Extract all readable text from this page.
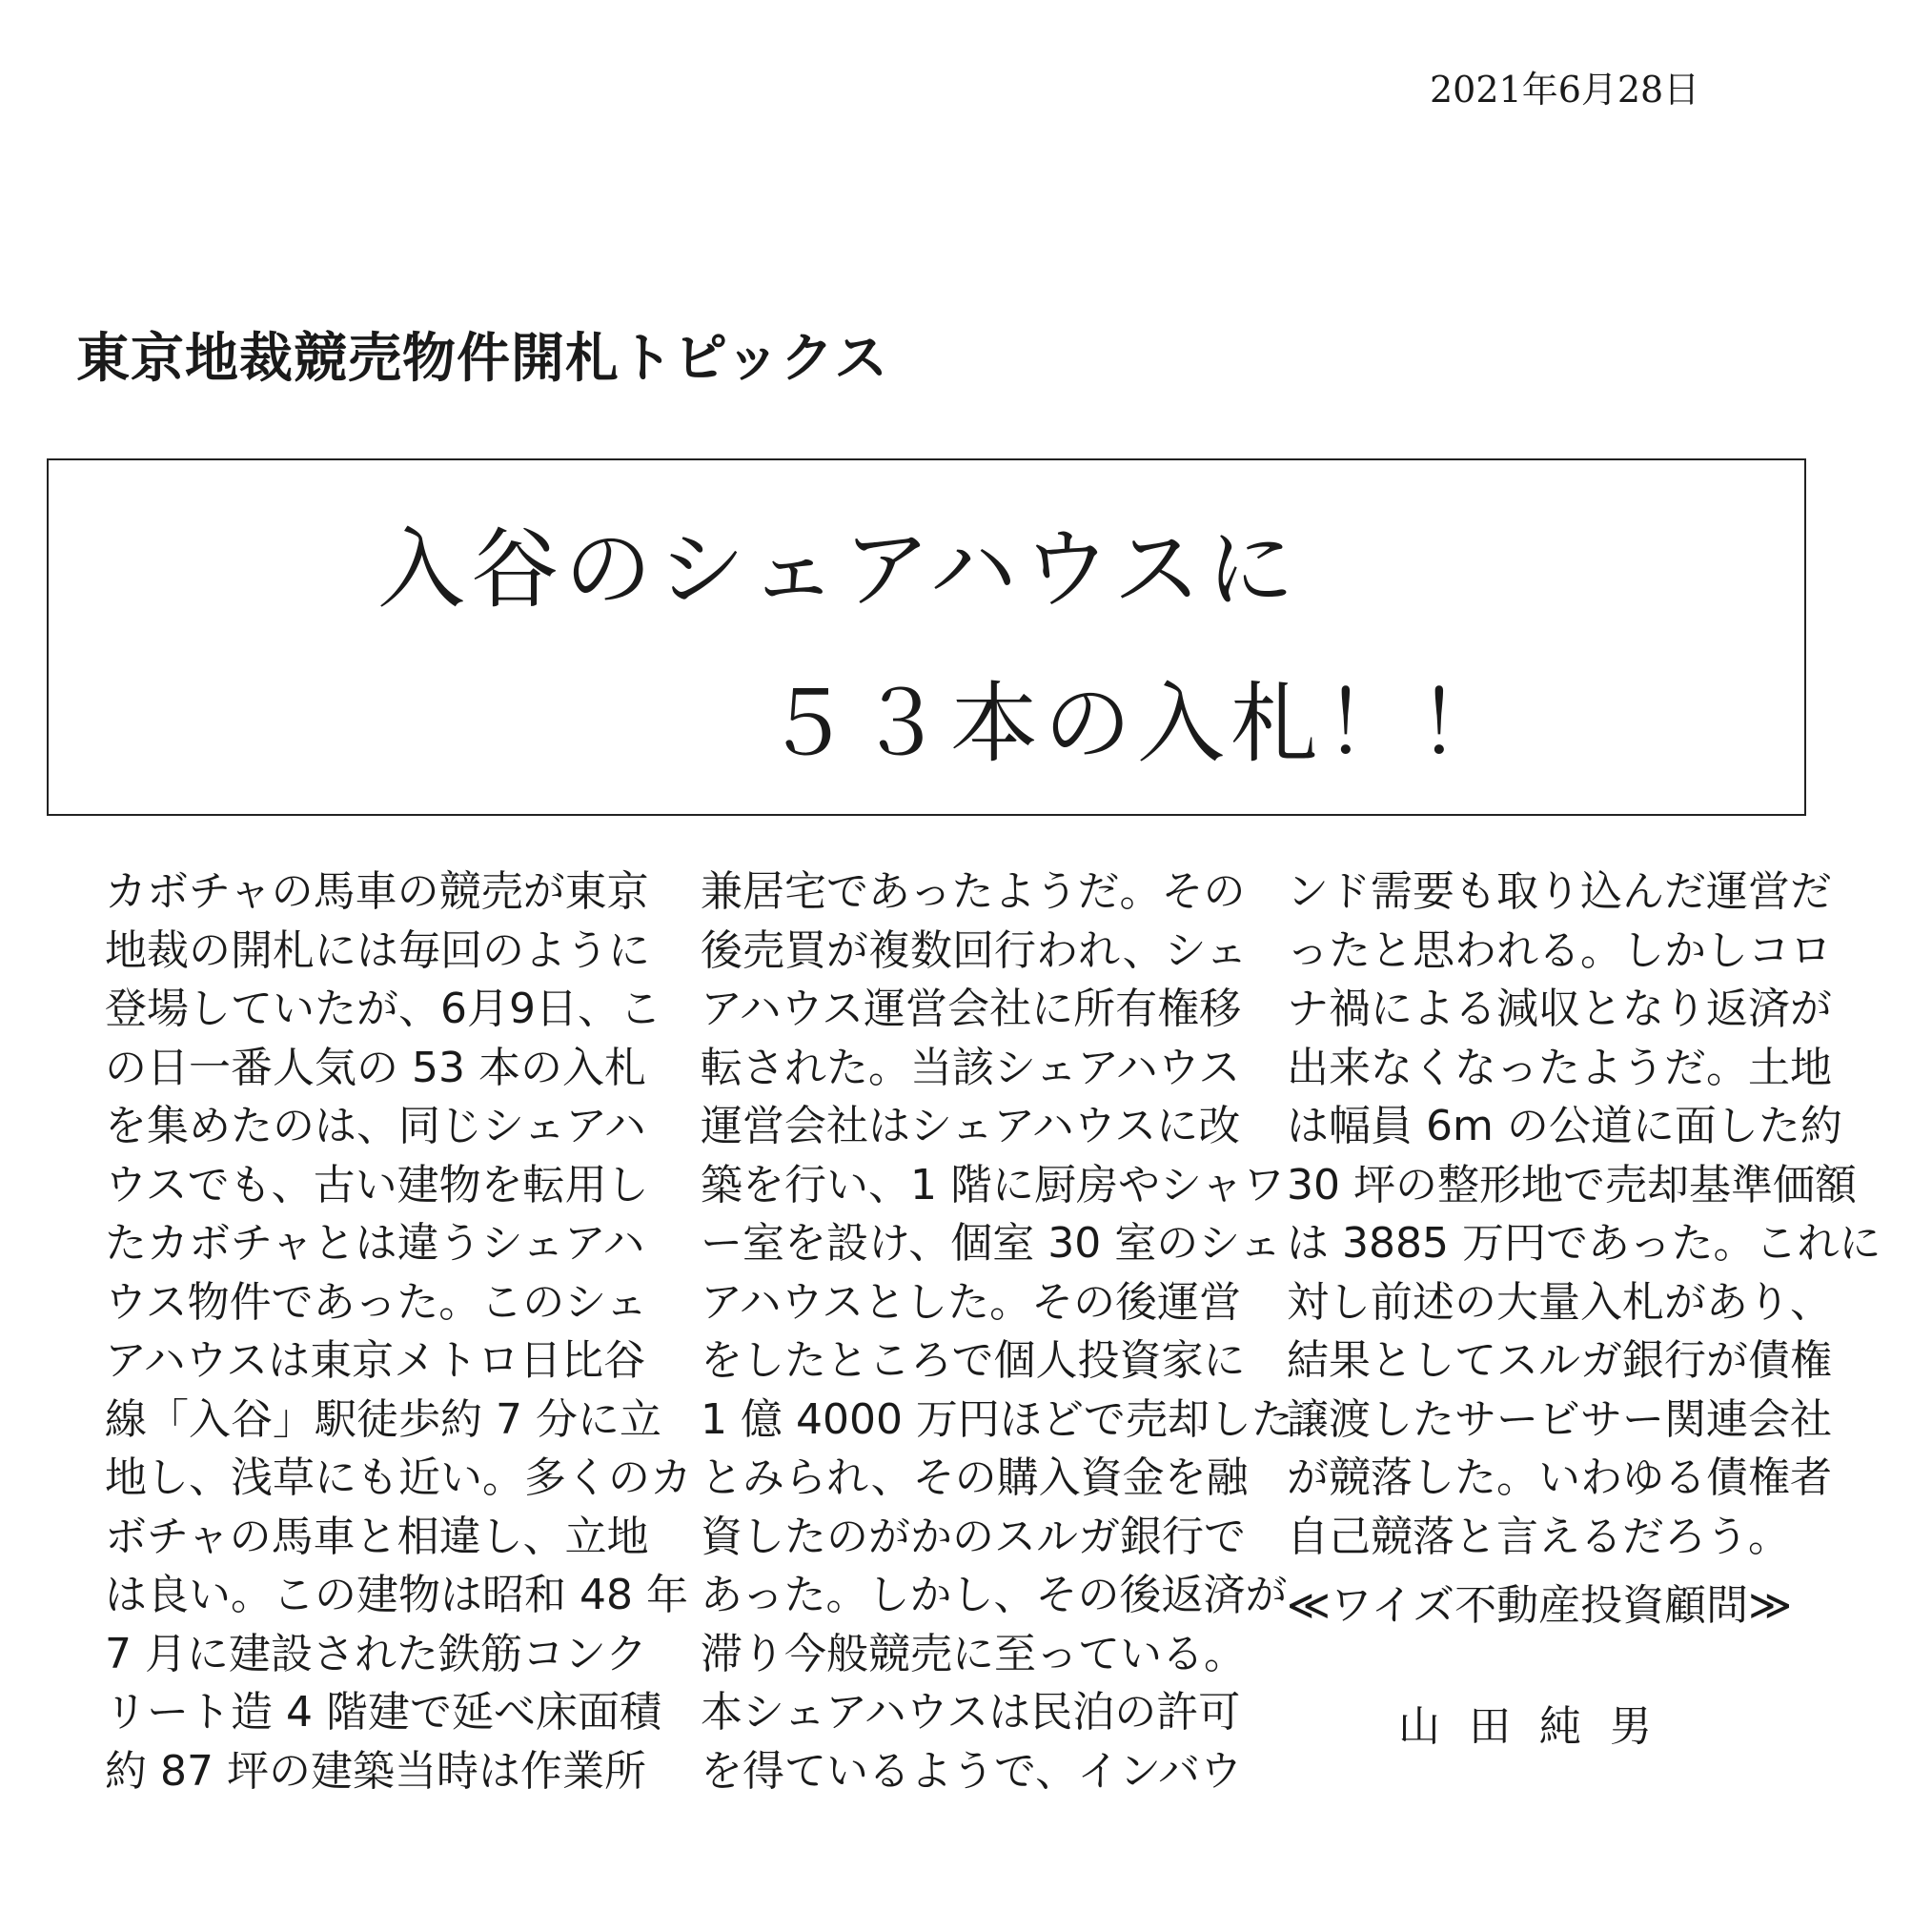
2021年6月28日
東京地裁競売物件開札トピックス
入谷のシェアハウスに
５３本の入札！！
カボチャの馬車の競売が東京
地裁の開札には毎回のように
登場していたが、6月9日、こ
の日一番人気の 53 本の入札
を集めたのは、同じシェアハ
ウスでも、古い建物を転用し
たカボチャとは違うシェアハ
ウス物件であった。このシェ
アハウスは東京メトロ日比谷
線「入谷」駅徒歩約 7 分に立
地し、浅草にも近い。多くのカ
ボチャの馬車と相違し、立地
は良い。この建物は昭和 48 年
7 月に建設された鉄筋コンク
リート造 4 階建で延べ床面積
約 87 坪の建築当時は作業所
兼居宅であったようだ。その
後売買が複数回行われ、シェ
アハウス運営会社に所有権移
転された。当該シェアハウス
運営会社はシェアハウスに改
築を行い、1 階に厨房やシャワ
ー室を設け、個室 30 室のシェ
アハウスとした。その後運営
をしたところで個人投資家に
1 億 4000 万円ほどで売却した
とみられ、その購入資金を融
資したのがかのスルガ銀行で
あった。しかし、その後返済が
滞り今般競売に至っている。
本シェアハウスは民泊の許可
を得ているようで、インバウ
ンド需要も取り込んだ運営だ
ったと思われる。しかしコロ
ナ禍による減収となり返済が
出来なくなったようだ。土地
は幅員 6m の公道に面した約
30 坪の整形地で売却基準価額
は 3885 万円であった。これに
対し前述の大量入札があり、
結果としてスルガ銀行が債権
譲渡したサービサー関連会社
が競落した。いわゆる債権者
自己競落と言えるだろう。
≪ワイズ不動産投資顧問≫
山田純男
